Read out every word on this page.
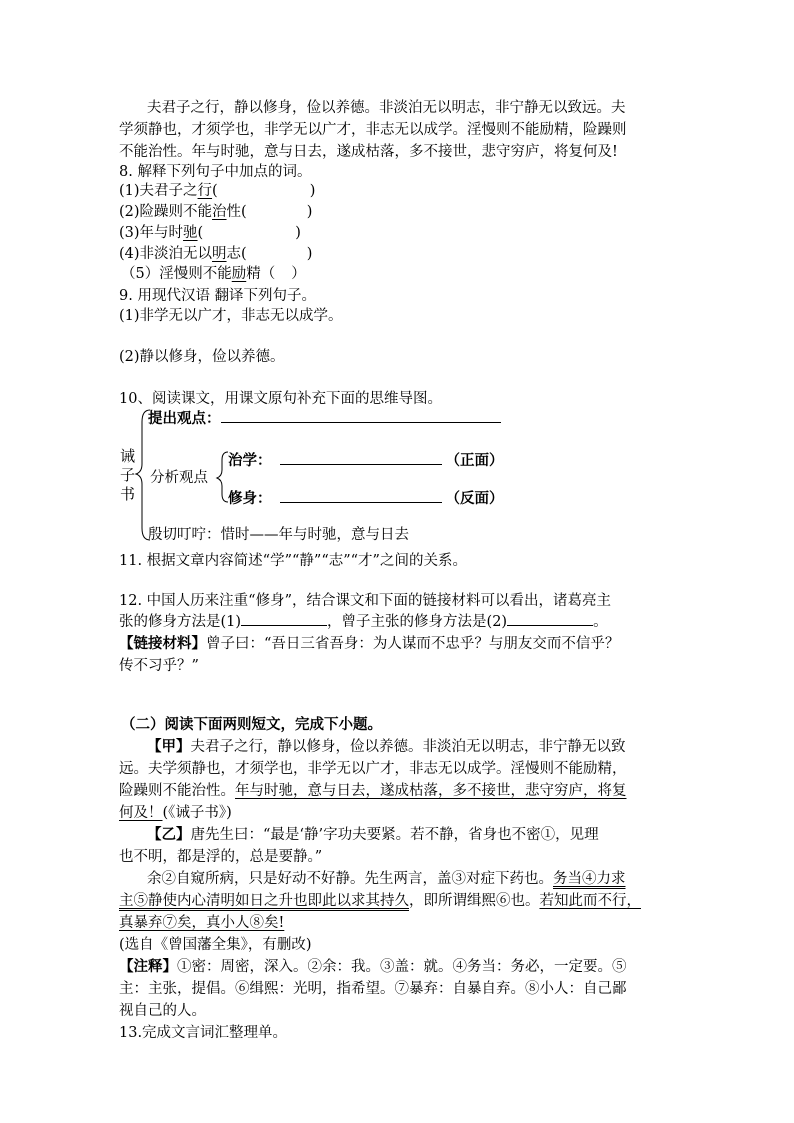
夫君子之行，静以修身，俭以养德。非淡泊无以明志，非宁静无以致远。夫
学须静也，才须学也，非学无以广才，非志无以成学。淫慢则不能励精，险躁则
不能治性。年与时驰，意与日去，遂成枯落，多不接世，悲守穷庐，将复何及!
8. 解释下列句子中加点的词。
(1)夫君子之行(	)
(2)险躁则不能治性(	)
(3)年与时驰(	)
(4)非淡泊无以明志(	)
（5）淫慢则不能励精（ ）
9. 用现代汉语 翻译下列句子。
(1)非学无以广才，非志无以成学。
(2)静以修身，俭以养德。
10、阅读课文，用课文原句补充下面的思维导图。
诫子书
提出观点：
分析观点
治学：	（正面）
修身：	（反面）
殷切叮咛：惜时——年与时驰，意与日去
11. 根据文章内容简述“学”“静”“志”“才”之间的关系。
12. 中国人历来注重“修身”，结合课文和下面的链接材料可以看出，诸葛亮主
张的修身方法是(1)	，曾子主张的修身方法是(2)	。
【链接材料】曾子曰：“吾日三省吾身：为人谋而不忠乎？与朋友交而不信乎？
传不习乎？”
（二）阅读下面两则短文，完成下小题。
【甲】夫君子之行，静以修身，俭以养德。非淡泊无以明志，非宁静无以致
远。夫学须静也，才须学也，非学无以广才，非志无以成学。淫慢则不能励精，
险躁则不能治性。年与时驰，意与日去，遂成枯落，多不接世，悲守穷庐，将复
何及！(《诫子书》)
【乙】唐先生曰：“最是‘静’字功夫要紧。若不静，省身也不密①，见理
也不明，都是浮的，总是要静。”
余②自窥所病，只是好动不好静。先生两言，盖③对症下药也。务当④力求
主⑤静使内心清明如日之升也即此以求其持久，即所谓缉熙⑥也。若知此而不行，
真暴弃⑦矣，真小人⑧矣!
(选自《曾国藩全集》，有删改)
【注释】①密：周密，深入。②余：我。③盖：就。④务当：务必，一定要。⑤
主：主张，提倡。⑥缉熙：光明，指希望。⑦暴弃：自暴自弃。⑧小人：自己鄙
视自己的人。
13.完成文言词汇整理单。
